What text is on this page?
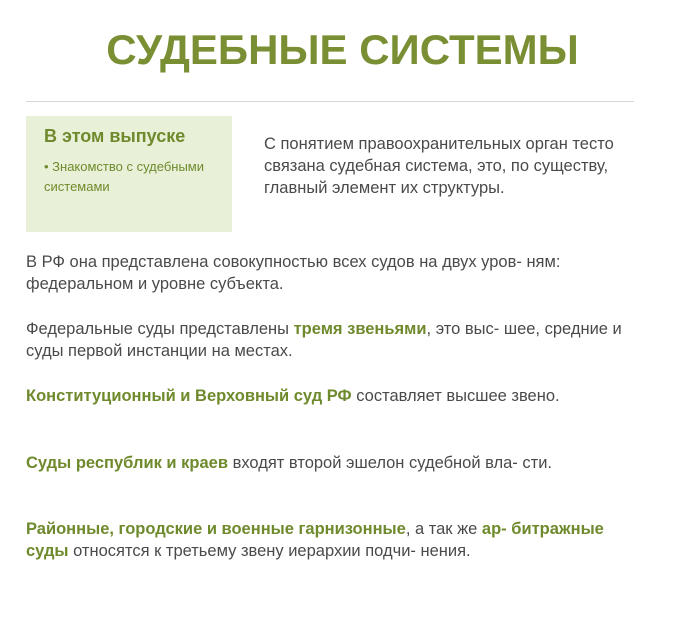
СУДЕБНЫЕ СИСТЕМЫ

В этом выпуске

• Знакомство с судебными системами

С понятием правоохранительных орган тесто связана судебная система, это, по существу, главный элемент их структуры.

В РФ она представлена совокупностью всех судов на двух уров- ням: федеральном и уровне субъекта.

Федеральные суды представлены тремя звеньями, это выс- шее, средние и суды первой инстанции на местах.

Конституционный и Верховный суд РФ составляет высшее звено.

Суды республик и краев входят второй эшелон судебной вла- сти.

Районные, городские и военные гарнизонные, а так же ар- битражные суды относятся к третьему звену иерархии подчи- нения.
